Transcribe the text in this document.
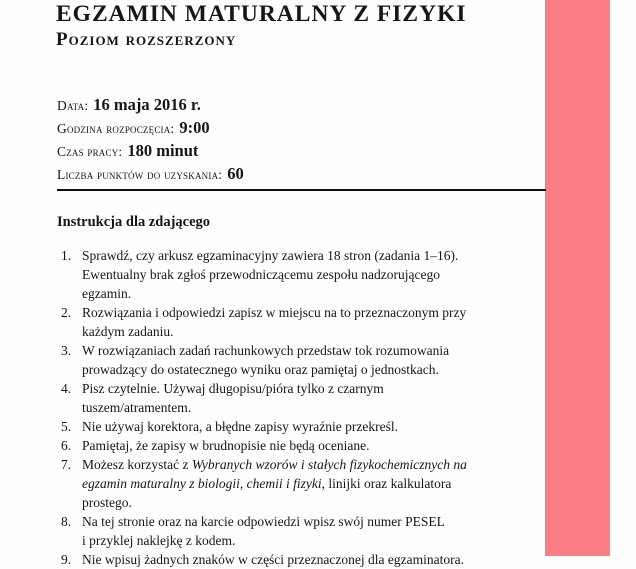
EGZAMIN MATURALNY Z FIZYKI
Poziom rozszerzony
Data: 16 maja 2016 r.
Godzina rozpoczęcia: 9:00
Czas pracy: 180 minut
Liczba punktów do uzyskania: 60
Instrukcja dla zdającego
1. Sprawdź, czy arkusz egzaminacyjny zawiera 18 stron (zadania 1–16).
Ewentualny brak zgłoś przewodniczącemu zespołu nadzorującego
egzamin.
2. Rozwiązania i odpowiedzi zapisz w miejscu na to przeznaczonym przy
każdym zadaniu.
3. W rozwiązaniach zadań rachunkowych przedstaw tok rozumowania
prowadzący do ostatecznego wyniku oraz pamiętaj o jednostkach.
4. Pisz czytelnie. Używaj długopisu/pióra tylko z czarnym
tuszem/atramentem.
5. Nie używaj korektora, a błędne zapisy wyraźnie przekreśl.
6. Pamiętaj, że zapisy w brudnopisie nie będą oceniane.
7. Możesz korzystać z Wybranych wzorów i stałych fizykochemicznych na
egzamin maturalny z biologii, chemii i fizyki, linijki oraz kalkulatora
prostego.
8. Na tej stronie oraz na karcie odpowiedzi wpisz swój numer PESEL
i przyklej naklejkę z kodem.
9. Nie wpisuj żadnych znaków w części przeznaczonej dla egzaminatora.
